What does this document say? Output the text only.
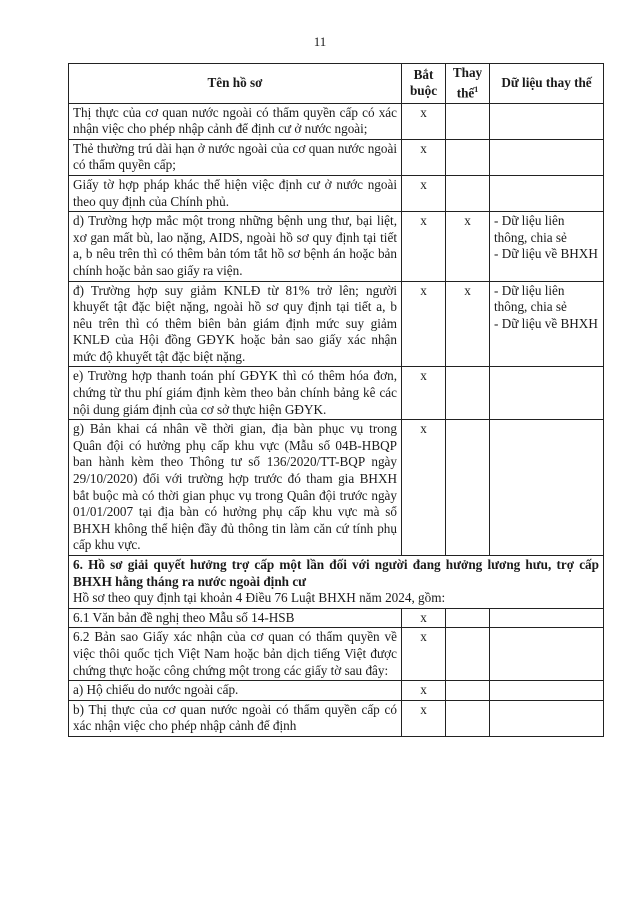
11
Tên hồ sơ	Bắt buộc	Thay thế$^1$	Dữ liệu thay thế
Thị thực của cơ quan nước ngoài có thẩm quyền cấp có xác nhận việc cho phép nhập cảnh để định cư ở nước ngoài;	x		
Thẻ thường trú dài hạn ở nước ngoài của cơ quan nước ngoài có thẩm quyền cấp;	x		
Giấy tờ hợp pháp khác thể hiện việc định cư ở nước ngoài theo quy định của Chính phủ.	x		
d) Trường hợp mắc một trong những bệnh ung thư, bại liệt, xơ gan mất bù, lao nặng, AIDS, ngoài hồ sơ quy định tại tiết a, b nêu trên thì có thêm bản tóm tắt hồ sơ bệnh án hoặc bản chính hoặc bản sao giấy ra viện.	x	x	- Dữ liệu liên thông, chia sẻ
- Dữ liệu về BHXH
đ) Trường hợp suy giảm KNLĐ từ 81% trở lên; người khuyết tật đặc biệt nặng, ngoài hồ sơ quy định tại tiết a, b nêu trên thì có thêm biên bản giám định mức suy giảm KNLĐ của Hội đồng GĐYK hoặc bản sao giấy xác nhận mức độ khuyết tật đặc biệt nặng.	x	x	- Dữ liệu liên thông, chia sẻ
- Dữ liệu về BHXH
e) Trường hợp thanh toán phí GĐYK thì có thêm hóa đơn, chứng từ thu phí giám định kèm theo bản chính bảng kê các nội dung giám định của cơ sở thực hiện GĐYK.	x		
g) Bản khai cá nhân về thời gian, địa bàn phục vụ trong Quân đội có hưởng phụ cấp khu vực (Mẫu số 04B-HBQP ban hành kèm theo Thông tư số 136/2020/TT-BQP ngày 29/10/2020) đối với trường hợp trước đó tham gia BHXH bắt buộc mà có thời gian phục vụ trong Quân đội trước ngày 01/01/2007 tại địa bàn có hưởng phụ cấp khu vực mà sổ BHXH không thể hiện đầy đủ thông tin làm căn cứ tính phụ cấp khu vực.	x		
6. Hồ sơ giải quyết hưởng trợ cấp một lần đối với người đang hưởng lương hưu, trợ cấp BHXH hằng tháng ra nước ngoài định cư
Hồ sơ theo quy định tại khoản 4 Điều 76 Luật BHXH năm 2024, gồm:			

6.1 Văn bản đề nghị theo Mẫu số 14-HSB	x		
6.2 Bản sao Giấy xác nhận của cơ quan có thẩm quyền về việc thôi quốc tịch Việt Nam hoặc bản dịch tiếng Việt được chứng thực hoặc công chứng một trong các giấy tờ sau đây:	x		
a) Hộ chiếu do nước ngoài cấp.	x		
b) Thị thực của cơ quan nước ngoài có thẩm quyền cấp có xác nhận việc cho phép nhập cảnh để định	x		
